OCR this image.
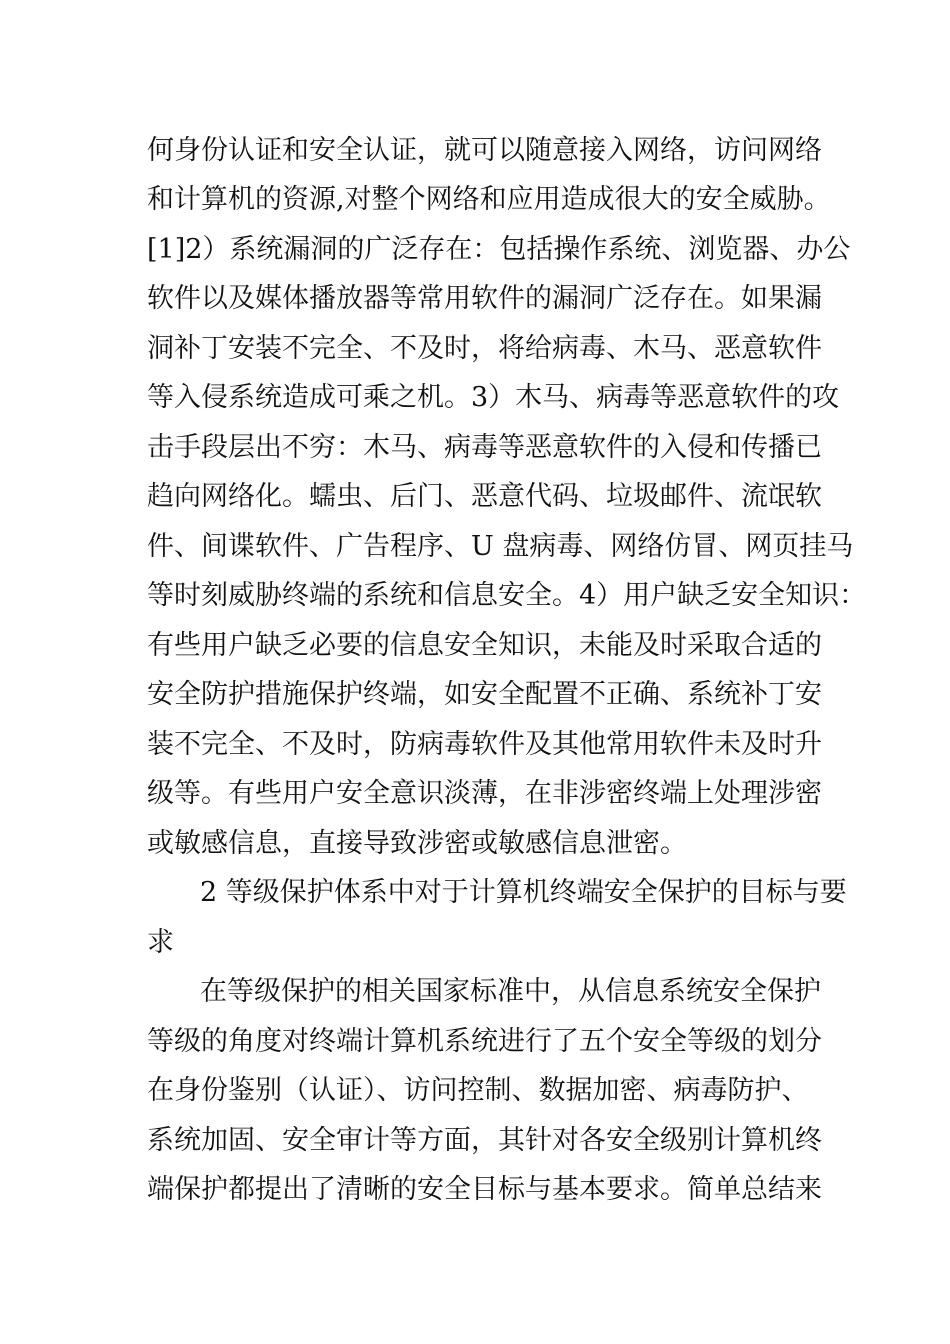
何身份认证和安全认证，就可以随意接入网络，访问网络
和计算机的资源,对整个网络和应用造成很大的安全威胁。
[1]2）系统漏洞的广泛存在：包括操作系统、浏览器、办公
软件以及媒体播放器等常用软件的漏洞广泛存在。如果漏
洞补丁安装不完全、不及时，将给病毒、木马、恶意软件
等入侵系统造成可乘之机。3）木马、病毒等恶意软件的攻
击手段层出不穷：木马、病毒等恶意软件的入侵和传播已
趋向网络化。蠕虫、后门、恶意代码、垃圾邮件、流氓软
件、间谍软件、广告程序、U 盘病毒、网络仿冒、网页挂马
等时刻威胁终端的系统和信息安全。4）用户缺乏安全知识：
有些用户缺乏必要的信息安全知识，未能及时采取合适的
安全防护措施保护终端，如安全配置不正确、系统补丁安
装不完全、不及时，防病毒软件及其他常用软件未及时升
级等。有些用户安全意识淡薄，在非涉密终端上处理涉密
或敏感信息，直接导致涉密或敏感信息泄密。
2 等级保护体系中对于计算机终端安全保护的目标与要
求
在等级保护的相关国家标准中，从信息系统安全保护
等级的角度对终端计算机系统进行了五个安全等级的划分
在身份鉴别（认证）、访问控制、数据加密、病毒防护、
系统加固、安全审计等方面，其针对各安全级别计算机终
端保护都提出了清晰的安全目标与基本要求。简单总结来
